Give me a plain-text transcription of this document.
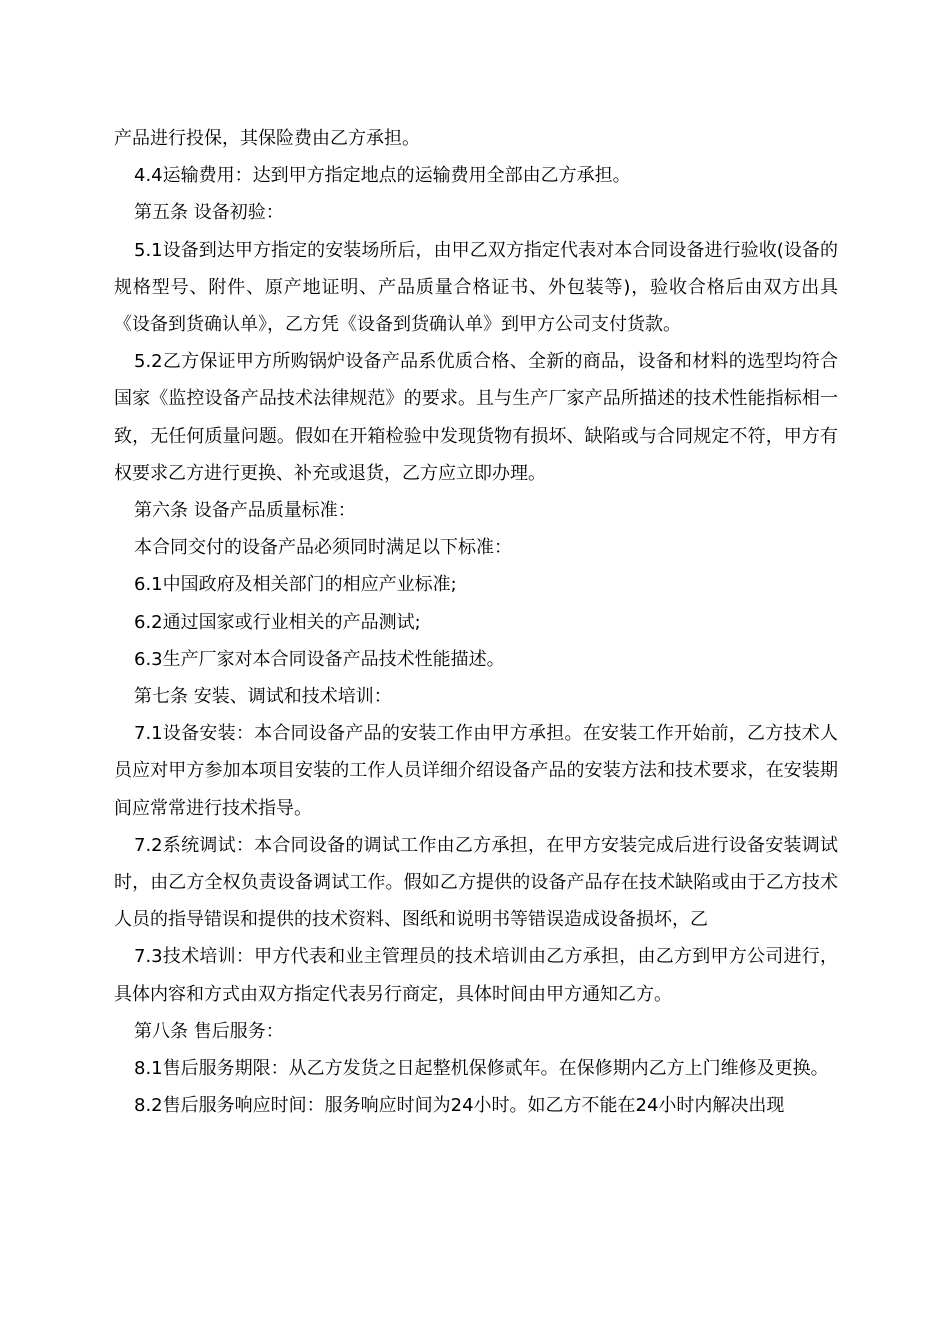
产品进行投保，其保险费由乙方承担。

4.4运输费用：达到甲方指定地点的运输费用全部由乙方承担。

第五条 设备初验：

5.1设备到达甲方指定的安装场所后，由甲乙双方指定代表对本合同设备进行验收(设备的规格型号、附件、原产地证明、产品质量合格证书、外包装等)，验收合格后由双方出具《设备到货确认单》，乙方凭《设备到货确认单》到甲方公司支付货款。

5.2乙方保证甲方所购锅炉设备产品系优质合格、全新的商品，设备和材料的选型均符合国家《监控设备产品技术法律规范》的要求。且与生产厂家产品所描述的技术性能指标相一致，无任何质量问题。假如在开箱检验中发现货物有损坏、缺陷或与合同规定不符，甲方有权要求乙方进行更换、补充或退货，乙方应立即办理。

第六条 设备产品质量标准：

本合同交付的设备产品必须同时满足以下标准：

6.1中国政府及相关部门的相应产业标准;

6.2通过国家或行业相关的产品测试;

6.3生产厂家对本合同设备产品技术性能描述。

第七条 安装、调试和技术培训：

7.1设备安装：本合同设备产品的安装工作由甲方承担。在安装工作开始前，乙方技术人员应对甲方参加本项目安装的工作人员详细介绍设备产品的安装方法和技术要求，在安装期间应常常进行技术指导。

7.2系统调试：本合同设备的调试工作由乙方承担，在甲方安装完成后进行设备安装调试时，由乙方全权负责设备调试工作。假如乙方提供的设备产品存在技术缺陷或由于乙方技术人员的指导错误和提供的技术资料、图纸和说明书等错误造成设备损坏，乙

7.3技术培训：甲方代表和业主管理员的技术培训由乙方承担，由乙方到甲方公司进行，具体内容和方式由双方指定代表另行商定，具体时间由甲方通知乙方。

第八条 售后服务：

8.1售后服务期限：从乙方发货之日起整机保修贰年。在保修期内乙方上门维修及更换。

8.2售后服务响应时间：服务响应时间为24小时。如乙方不能在24小时内解决出现
